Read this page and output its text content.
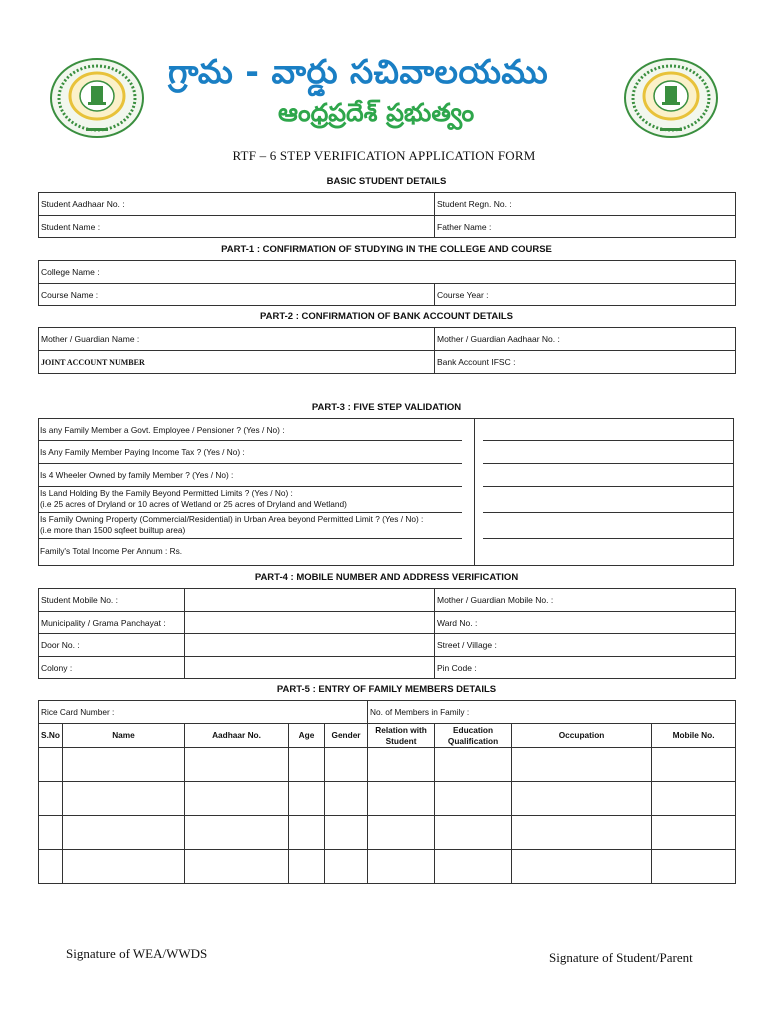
గ్రామ - వార్డు సచివాలయము
ఆంధ్రప్రదేశ్ ప్రభుత్వం
RTF – 6 STEP VERIFICATION APPLICATION FORM
BASIC STUDENT DETAILS
Student Aadhaar No. :	Student Regn. No. :
Student Name :	Father Name :
PART-1 : CONFIRMATION OF STUDYING IN THE COLLEGE AND COURSE
College Name :
Course Name :	Course Year :
PART-2 : CONFIRMATION OF BANK ACCOUNT DETAILS
Mother / Guardian Name :	Mother / Guardian Aadhaar No. :
JOINT ACCOUNT NUMBER	Bank Account IFSC :
PART-3 : FIVE STEP VALIDATION
Is any Family Member a Govt. Employee / Pensioner ? (Yes / No) :
Is Any Family Member Paying Income Tax ? (Yes / No) :
Is 4 Wheeler Owned by family Member ? (Yes / No) :
Is Land Holding By the Family Beyond Permitted Limits ? (Yes / No) :
(i.e 25 acres of Dryland or 10 acres of Wetland or 25 acres of Dryland and Wetland)
Is Family Owning Property (Commercial/Residential) in Urban Area beyond Permitted Limit ? (Yes / No) :
(i.e more than 1500 sqfeet builtup area)
Family's Total Income Per Annum : Rs.
PART-4 : MOBILE NUMBER AND ADDRESS VERIFICATION
Student Mobile No. :		Mother / Guardian Mobile No. :
Municipality / Grama Panchayat :		Ward No. :
Door No. :		Street / Village :
Colony :		Pin Code :
PART-5 : ENTRY OF FAMILY MEMBERS DETAILS
Rice Card Number :					No. of Members in Family :			
S.No	Name	Aadhaar No.	Age	Gender	Relation with Student	Education Qualification	Occupation	Mobile No.

Signature of WEA/WWDS	Signature of Student/Parent
